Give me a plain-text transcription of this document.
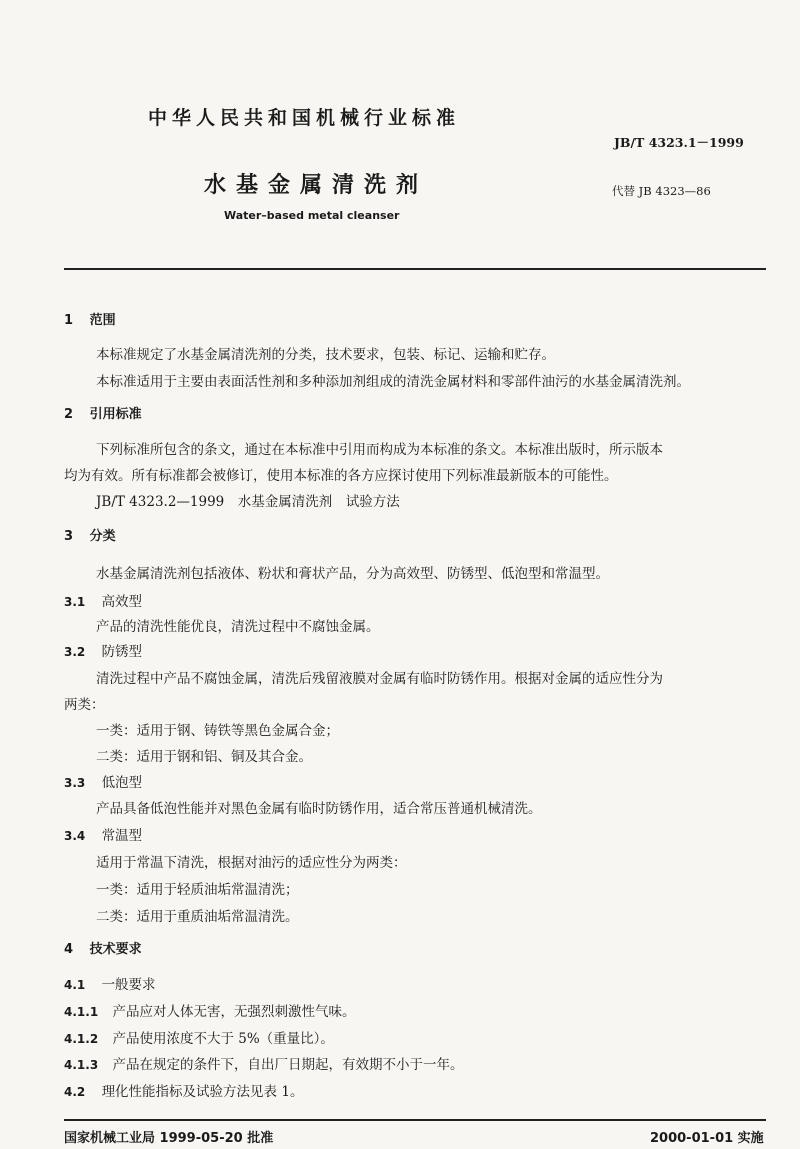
中华人民共和国机械行业标准
JB/T 4323.1－1999
水基金属清洗剂	代替 JB 4323—86
Water–based metal cleanser
1 范围
本标准规定了水基金属清洗剂的分类，技术要求，包装、标记、运输和贮存。
本标准适用于主要由表面活性剂和多种添加剂组成的清洗金属材料和零部件油污的水基金属清洗剂。
2 引用标准
下列标准所包含的条文，通过在本标准中引用而构成为本标准的条文。本标准出版时，所示版本
均为有效。所有标准都会被修订，使用本标准的各方应探讨使用下列标准最新版本的可能性。
JB/T 4323.2—1999　水基金属清洗剂　试验方法
3 分类
水基金属清洗剂包括液体、粉状和膏状产品，分为高效型、防锈型、低泡型和常温型。
3.1 高效型
产品的清洗性能优良，清洗过程中不腐蚀金属。
3.2 防锈型
清洗过程中产品不腐蚀金属，清洗后残留液膜对金属有临时防锈作用。根据对金属的适应性分为
两类：
一类：适用于钢、铸铁等黑色金属合金；
二类：适用于钢和铝、铜及其合金。
3.3 低泡型
产品具备低泡性能并对黑色金属有临时防锈作用，适合常压普通机械清洗。
3.4 常温型
适用于常温下清洗，根据对油污的适应性分为两类：
一类：适用于轻质油垢常温清洗；
二类：适用于重质油垢常温清洗。
4 技术要求
4.1 一般要求
4.1.1 产品应对人体无害，无强烈刺激性气味。
4.1.2 产品使用浓度不大于 5%（重量比）。
4.1.3 产品在规定的条件下，自出厂日期起，有效期不小于一年。
4.2 理化性能指标及试验方法见表 1。
国家机械工业局 1999-05-20 批准	2000-01-01 实施
